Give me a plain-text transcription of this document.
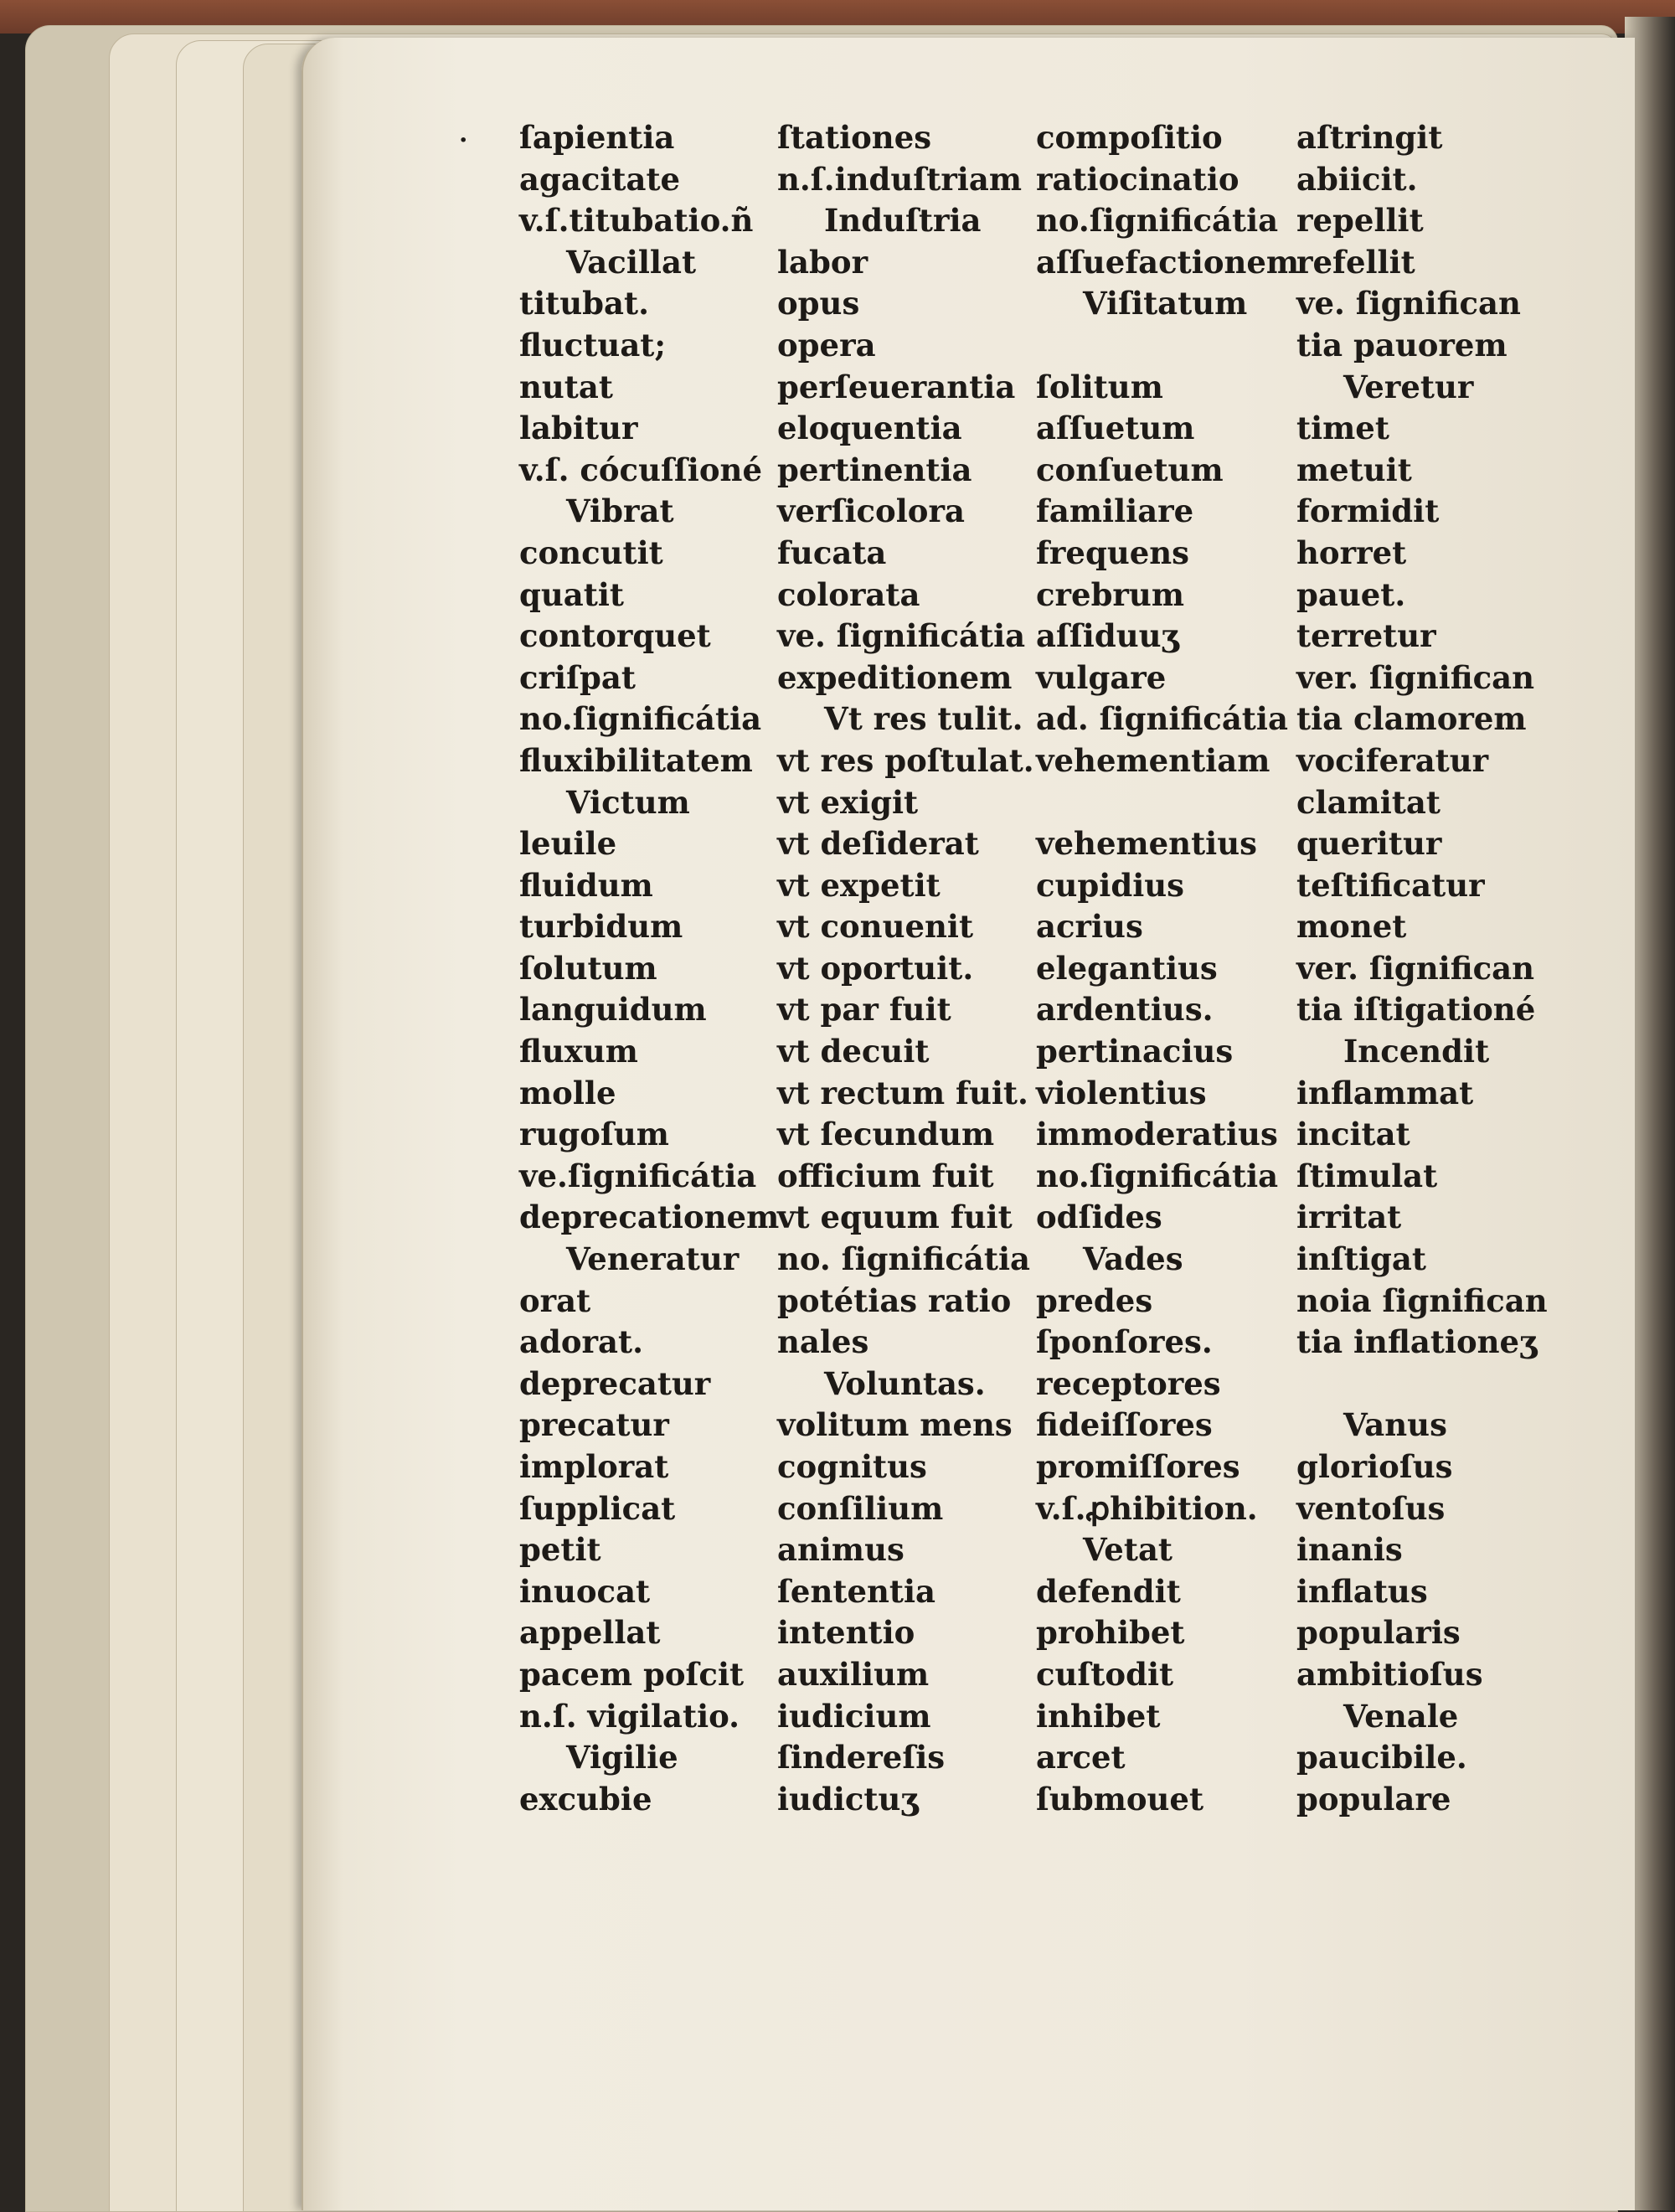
· ſapientia
agacitate
v.ſ.titubatio.ñ
Vacillat
titubat.
fluctuat;
nutat
labitur
v.ſ. cócuſſioné
Vibrat
concutit
quatit
contorquet
criſpat
no.ſignificátia
fluxibilitatem
Victum
leuile
fluidum
turbidum
ſolutum
languidum
fluxum
molle
rugoſum
ve.ſignificátia
deprecationem
Veneratur
orat
adorat.
deprecatur
precatur
implorat
ſupplicat
petit
inuocat
appellat
pacem poſcit
n.ſ. vigilatio.
Vigilie
excubie
ſtationes
n.ſ.induſtriam
Induſtria
labor
opus
opera
perſeuerantia
eloquentia
pertinentia
verſicolora
fucata
colorata
ve. ſignificátia
expeditionem
Vt res tulit.
vt res poſtulat.
vt exigit
vt deſiderat
vt expetit
vt conuenit
vt oportuit.
vt par fuit
vt decuit
vt rectum fuit.
vt ſecundum
officium fuit
vt equum fuit
no. ſignificátia
potétias ratio
nales
Voluntas.
volitum mens
cognitus
conſilium
animus
ſententia
intentio
auxilium
iudicium
ſindereſis
iudictuʒ
compoſitio
ratiocinatio
no.ſignificátia
aſſuefactionem
Viſitatum
ſolitum
aſſuetum
conſuetum
familiare
frequens
crebrum
aſſiduuʒ
vulgare
ad. ſignificátia
vehementiam
vehementius
cupidius
acrius
elegantius
ardentius.
pertinacius
violentius
immoderatius
no.ſignificátia
odſides
Vades
predes
ſponſores.
receptores
fideiſſores
promiſſores
v.ſ.ꝓhibition.
Vetat
defendit
prohibet
cuſtodit
inhibet
arcet
ſubmouet
aſtringit
abiicit.
repellit
refellit
ve. ſignifican
tia pauorem
Veretur
timet
metuit
formidit
horret
pauet.
terretur
ver. ſignifican
tia clamorem
vociferatur
clamitat
queritur
teſtificatur
monet
ver. ſignifican
tia iſtigationé
Incendit
inflammat
incitat
ſtimulat
irritat
inſtigat
noia ſignifican
tia inflationeʒ
Vanus
glorioſus
ventoſus
inanis
inflatus
popularis
ambitioſus
Venale
paucibile.
populare
